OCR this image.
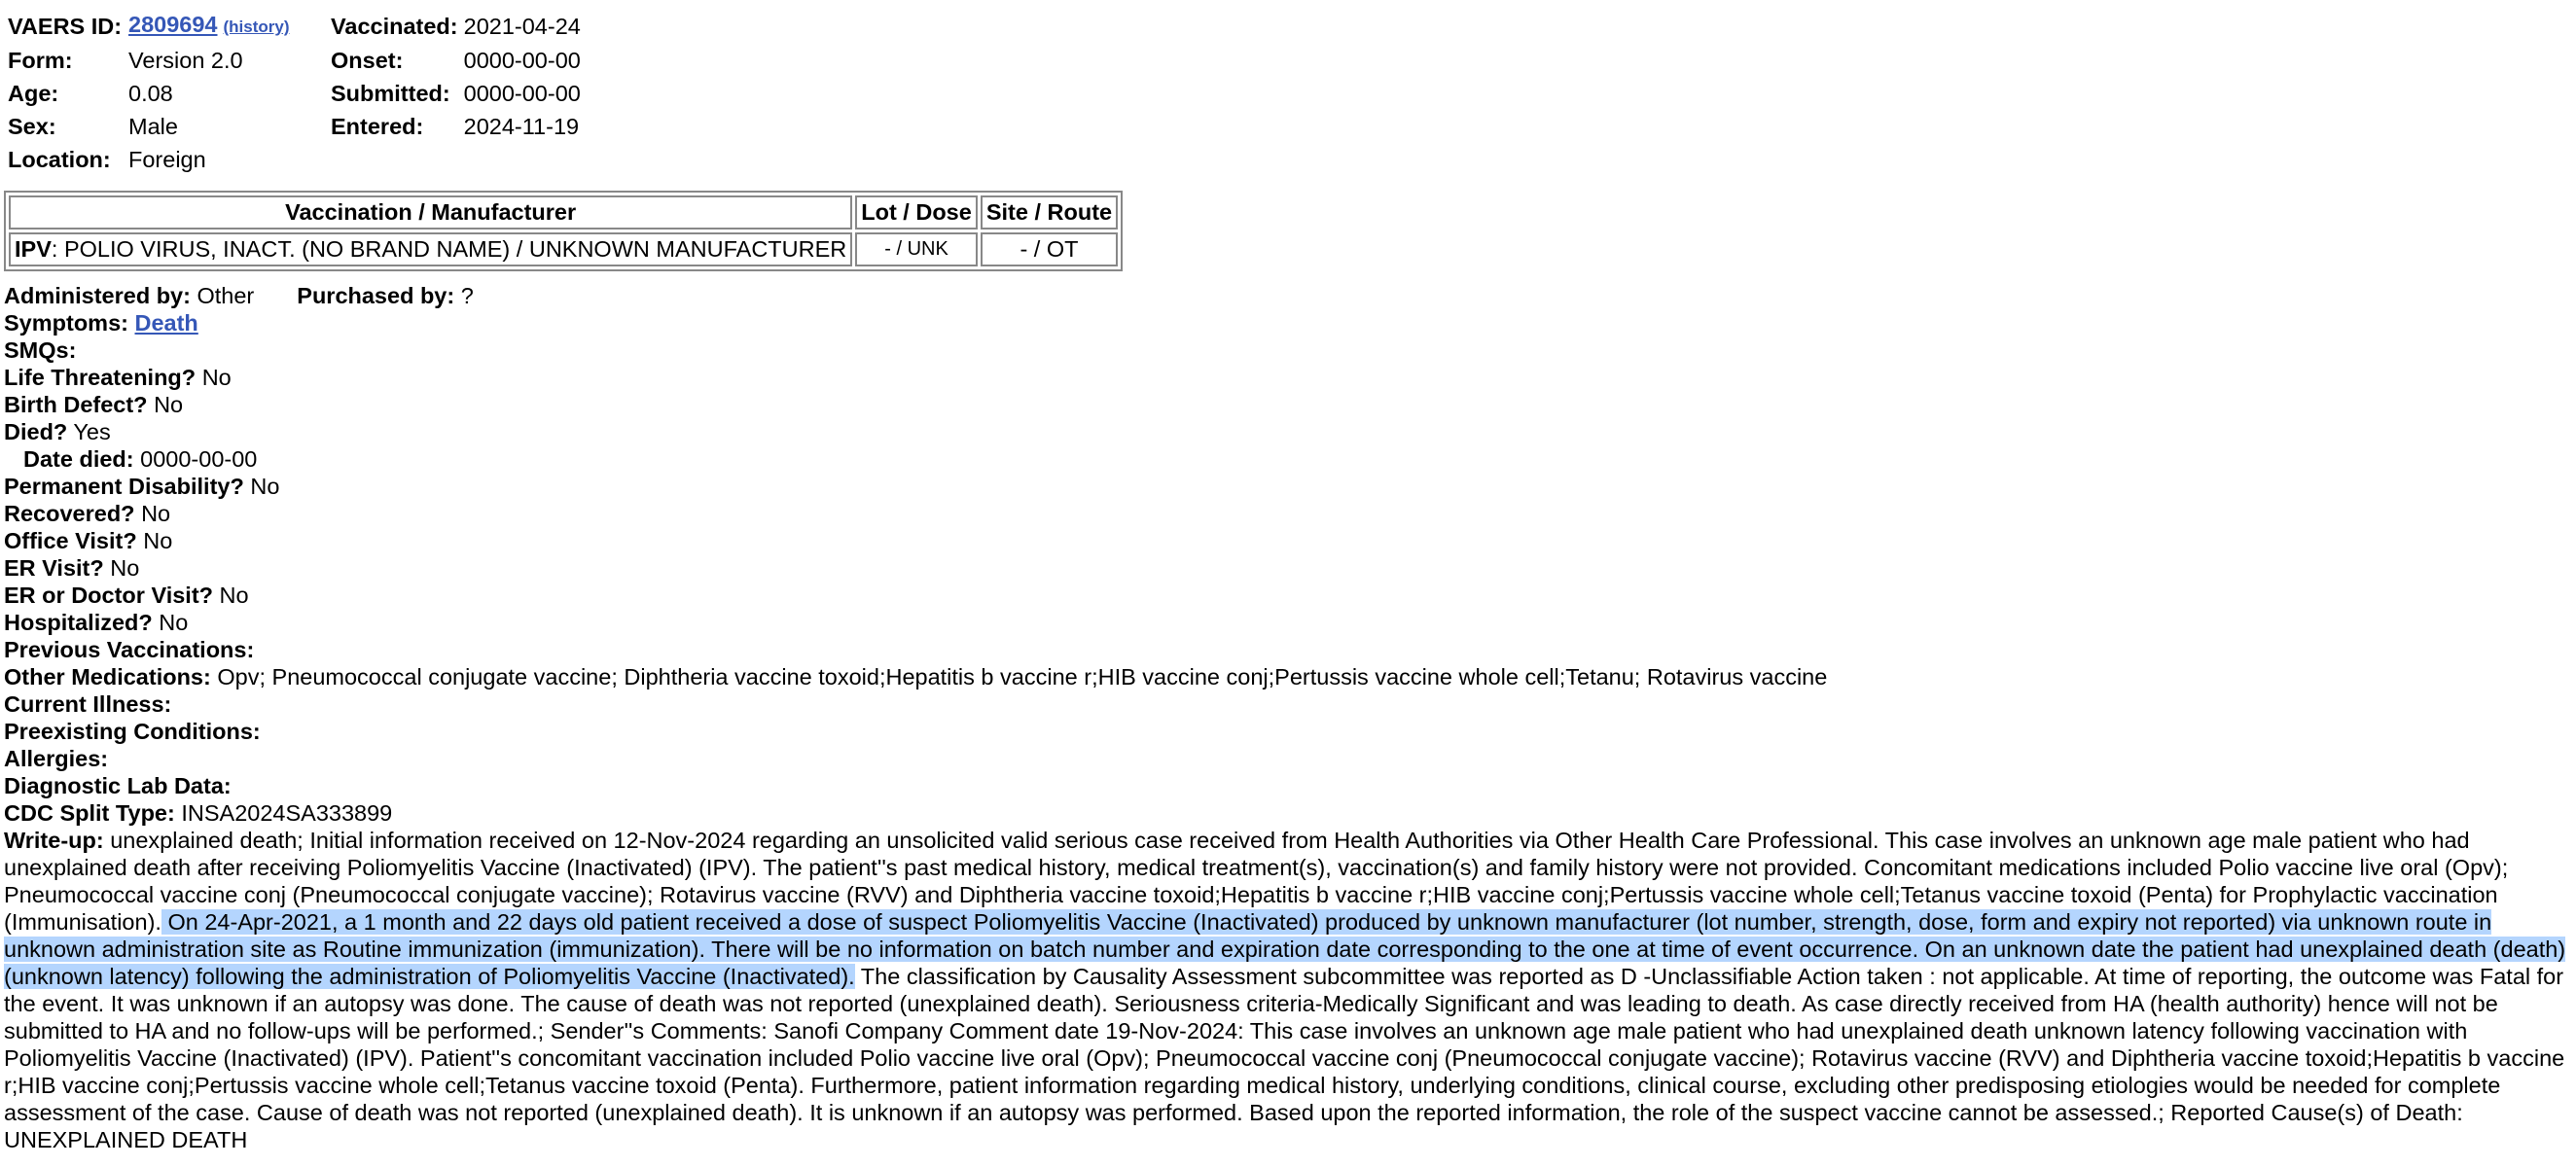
VAERS ID:	2809694 (history)	Vaccinated:	2021-04-24
Form:	Version 2.0	Onset:	0000-00-00
Age:	0.08	Submitted:	0000-00-00
Sex:	Male	Entered:	2024-11-19
Location:	Foreign		
Vaccination / Manufacturer	Lot / Dose	Site / Route
IPV: POLIO VIRUS, INACT. (NO BRAND NAME) / UNKNOWN MANUFACTURER	- / UNK	- / OT
Administered by: Other Purchased by: ?
Symptoms: Death
SMQs:
Life Threatening? No
Birth Defect? No
Died? Yes
Date died: 0000-00-00
Permanent Disability? No
Recovered? No
Office Visit? No
ER Visit? No
ER or Doctor Visit? No
Hospitalized? No
Previous Vaccinations:
Other Medications: Opv; Pneumococcal conjugate vaccine; Diphtheria vaccine toxoid;Hepatitis b vaccine r;HIB vaccine conj;Pertussis vaccine whole cell;Tetanu; Rotavirus vaccine
Current Illness:
Preexisting Conditions:
Allergies:
Diagnostic Lab Data:
CDC Split Type: INSA2024SA333899
Write-up: unexplained death; Initial information received on 12-Nov-2024 regarding an unsolicited valid serious case received from Health Authorities via Other Health Care Professional. This case involves an unknown age male patient who had unexplained death after receiving Poliomyelitis Vaccine (Inactivated) (IPV). The patient''s past medical history, medical treatment(s), vaccination(s) and family history were not provided. Concomitant medications included Polio vaccine live oral (Opv); Pneumococcal vaccine conj (Pneumococcal conjugate vaccine); Rotavirus vaccine (RVV) and Diphtheria vaccine toxoid;Hepatitis b vaccine r;HIB vaccine conj;Pertussis vaccine whole cell;Tetanus vaccine toxoid (Penta) for Prophylactic vaccination (Immunisation). On 24-Apr-2021, a 1 month and 22 days old patient received a dose of suspect Poliomyelitis Vaccine (Inactivated) produced by unknown manufacturer (lot number, strength, dose, form and expiry not reported) via unknown route in unknown administration site as Routine immunization (immunization). There will be no information on batch number and expiration date corresponding to the one at time of event occurrence. On an unknown date the patient had unexplained death (death) (unknown latency) following the administration of Poliomyelitis Vaccine (Inactivated). The classification by Causality Assessment subcommittee was reported as D -Unclassifiable Action taken : not applicable. At time of reporting, the outcome was Fatal for the event. It was unknown if an autopsy was done. The cause of death was not reported (unexplained death). Seriousness criteria-Medically Significant and was leading to death. As case directly received from HA (health authority) hence will not be submitted to HA and no follow-ups will be performed.; Sender''s Comments: Sanofi Company Comment date 19-Nov-2024: This case involves an unknown age male patient who had unexplained death unknown latency following vaccination with Poliomyelitis Vaccine (Inactivated) (IPV). Patient''s concomitant vaccination included Polio vaccine live oral (Opv); Pneumococcal vaccine conj (Pneumococcal conjugate vaccine); Rotavirus vaccine (RVV) and Diphtheria vaccine toxoid;Hepatitis b vaccine r;HIB vaccine conj;Pertussis vaccine whole cell;Tetanus vaccine toxoid (Penta). Furthermore, patient information regarding medical history, underlying conditions, clinical course, excluding other predisposing etiologies would be needed for complete assessment of the case. Cause of death was not reported (unexplained death). It is unknown if an autopsy was performed. Based upon the reported information, the role of the suspect vaccine cannot be assessed.; Reported Cause(s) of Death: UNEXPLAINED DEATH
